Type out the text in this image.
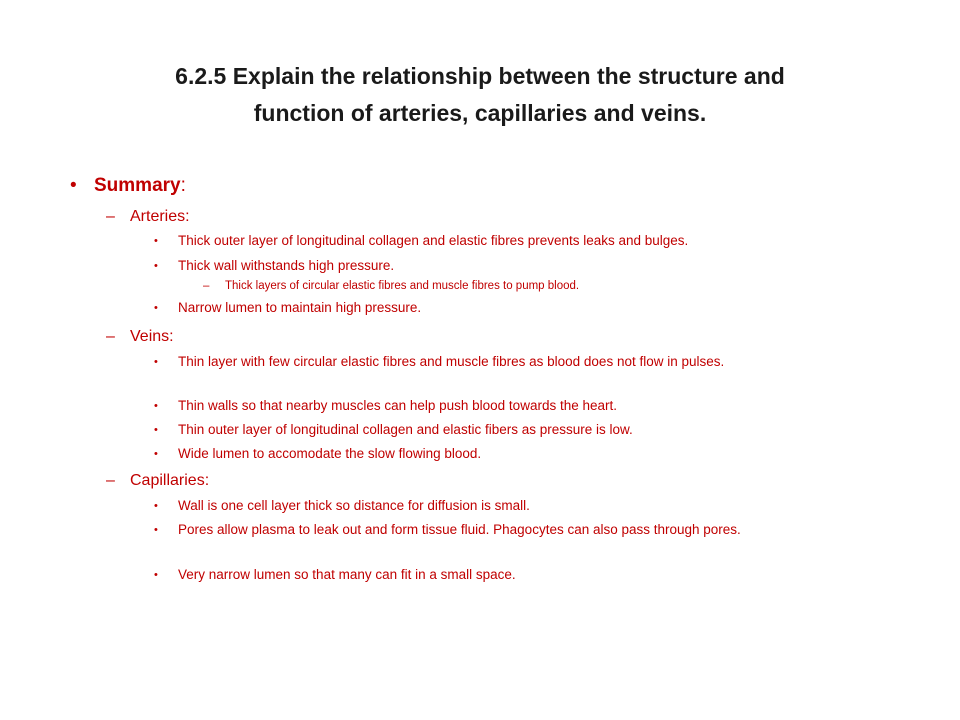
6.2.5 Explain the relationship between the structure and
function of arteries, capillaries and veins.
• Summary:
– Arteries:
• Thick outer layer of longitudinal collagen and elastic fibres prevents leaks and bulges.
• Thick wall withstands high pressure.
– Thick layers of circular elastic fibres and muscle fibres to pump blood.
• Narrow lumen to maintain high pressure.
– Veins:
• Thin layer with few circular elastic fibres and muscle fibres as blood does not flow in pulses.
• Thin walls so that nearby muscles can help push blood towards the heart.
• Thin outer layer of longitudinal collagen and elastic fibers as pressure is low.
• Wide lumen to accomodate the slow flowing blood.
– Capillaries:
• Wall is one cell layer thick so distance for diffusion is small.
• Pores allow plasma to leak out and form tissue fluid. Phagocytes can also pass through pores.
• Very narrow lumen so that many can fit in a small space.
